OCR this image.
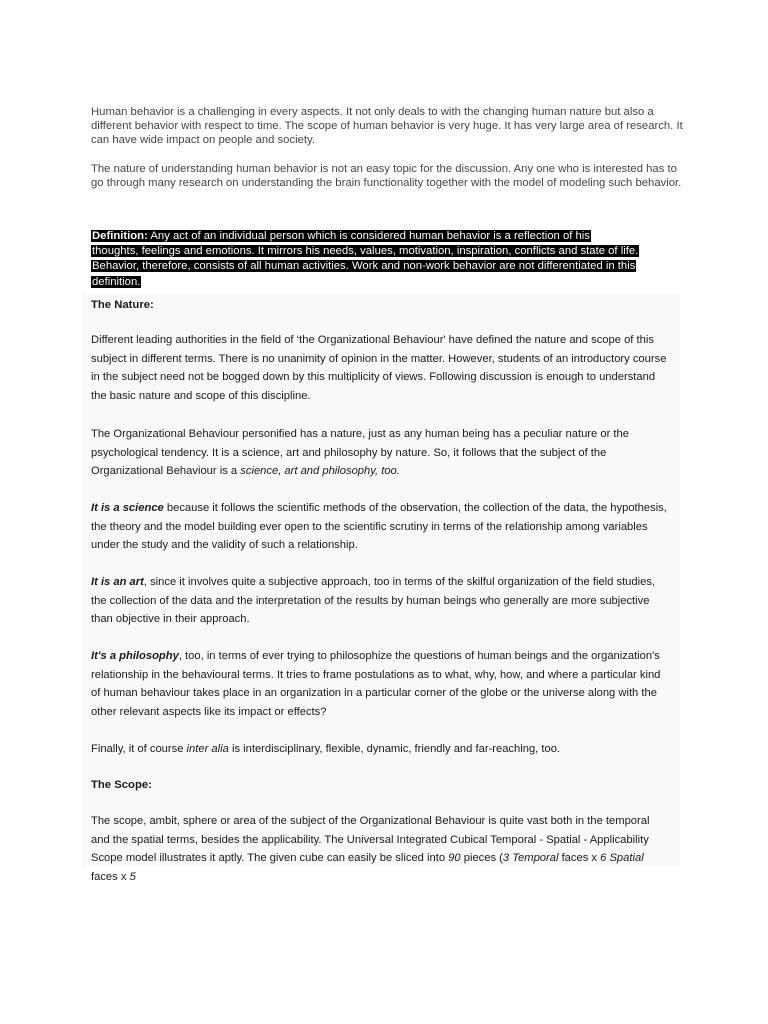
Human behavior is a challenging in every aspects. It not only deals to with the changing human nature but also a different behavior with respect to time. The scope of human behavior is very huge. It has very large area of research. It can have wide impact on people and society.

The nature of understanding human behavior is not an easy topic for the discussion. Any one who is interested has to go through many research on understanding the brain functionality together with the model of modeling such behavior.

Definition: Any act of an individual person which is considered human behavior is a reflection of his thoughts, feelings and emotions. It mirrors his needs, values, motivation, inspiration, conflicts and state of life. Behavior, therefore, consists of all human activities. Work and non-work behavior are not differentiated in this definition.

The Nature:

Different leading authorities in the field of ‘the Organizational Behaviour' have defined the nature and scope of this subject in different terms. There is no unanimity of opinion in the matter. However, students of an introductory course in the subject need not be bogged down by this multiplicity of views. Following discussion is enough to understand the basic nature and scope of this discipline.

The Organizational Behaviour personified has a nature, just as any human being has a peculiar nature or the psychological tendency. It is a science, art and philosophy by nature. So, it follows that the subject of the Organizational Behaviour is a science, art and philosophy, too.

It is a science because it follows the scientific methods of the observation, the collection of the data, the hypothesis, the theory and the model building ever open to the scientific scrutiny in terms of the relationship among variables under the study and the validity of such a relationship.

It is an art, since it involves quite a subjective approach, too in terms of the skilful organization of the field studies, the collection of the data and the interpretation of the results by human beings who generally are more subjective than objective in their approach.

It's a philosophy, too, in terms of ever trying to philosophize the questions of human beings and the organization's relationship in the behavioural terms. It tries to frame postulations as to what, why, how, and where a particular kind of human behaviour takes place in an organization in a particular corner of the globe or the universe along with the other relevant aspects like its impact or effects?

Finally, it of course inter alia is interdisciplinary, flexible, dynamic, friendly and far-reaching, too.

The Scope:

The scope, ambit, sphere or area of the subject of the Organizational Behaviour is quite vast both in the temporal and the spatial terms, besides the applicability. The Universal Integrated Cubical Temporal - Spatial - Applicability Scope model illustrates it aptly. The given cube can easily be sliced into 90 pieces (3 Temporal faces x 6 Spatial faces x 5
